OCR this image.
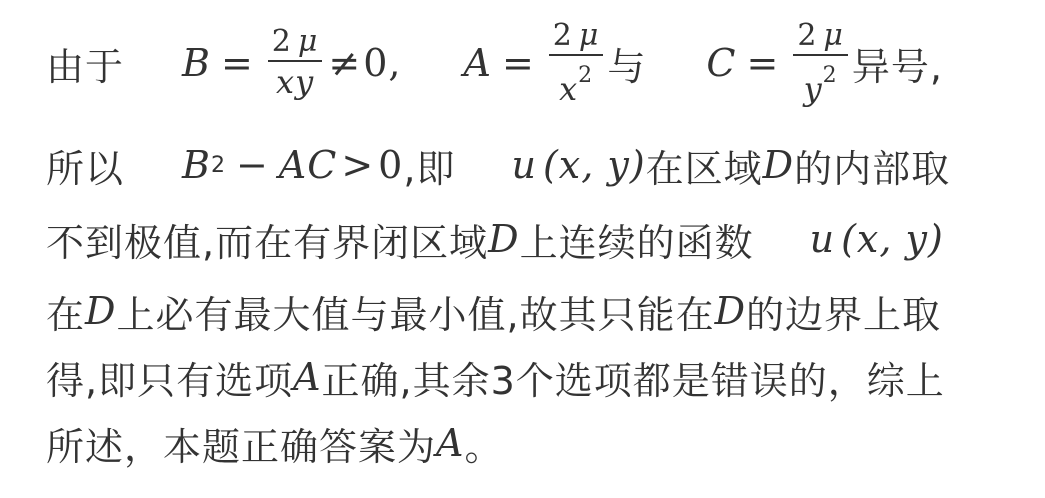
由于 $B = \frac{2 \mu}{xy} \ne 0$, $A = \frac{2 \mu}{x^2}$ 与 $C = \frac{2 \mu}{y^2}$ 异号,
所以 B 2 − AC > 0 ,即 u (x, y) 在区域 D 的内部取
不到极值,而在有界闭区域 D 上连续的函数 u (x, y)
在 D 上必有最大值与最小值,故其只能在 D 的边界上取
得,即只有选项 A 正确,其余3个选项都是错误的，综上
所述，本题正确答案为 A 。
